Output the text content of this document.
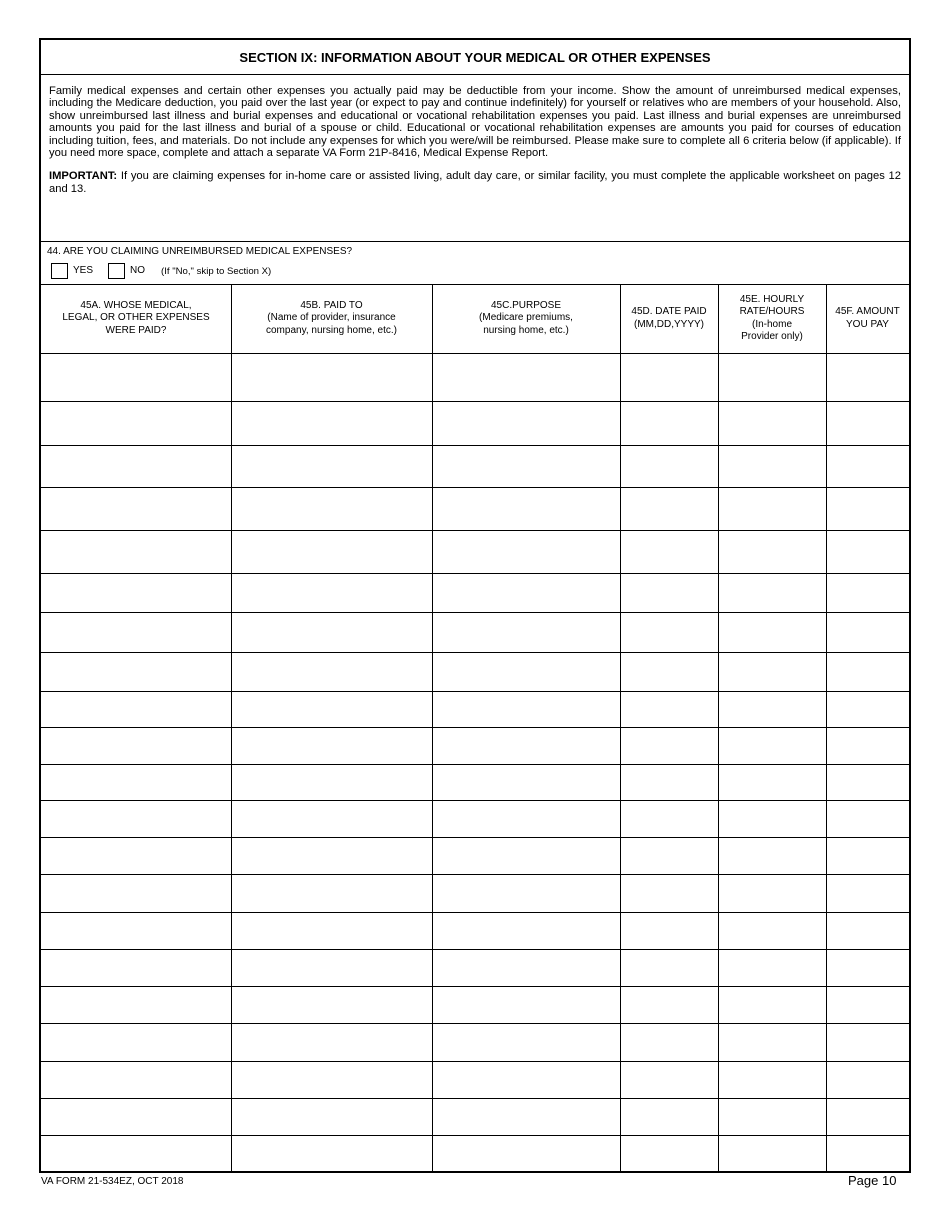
SECTION IX: INFORMATION ABOUT YOUR MEDICAL OR OTHER EXPENSES

Family medical expenses and certain other expenses you actually paid may be deductible from your income. Show the amount of unreimbursed medical expenses, including the Medicare deduction, you paid over the last year (or expect to pay and continue indefinitely) for yourself or relatives who are members of your household. Also, show unreimbursed last illness and burial expenses and educational or vocational rehabilitation expenses you paid. Last illness and burial expenses are unreimbursed amounts you paid for the last illness and burial of a spouse or child. Educational or vocational rehabilitation expenses are amounts you paid for courses of education including tuition, fees, and materials. Do not include any expenses for which you were/will be reimbursed. Please make sure to complete all 6 criteria below (if applicable). If you need more space, complete and attach a separate VA Form 21P-8416, Medical Expense Report.

IMPORTANT: If you are claiming expenses for in-home care or assisted living, adult day care, or similar facility, you must complete the applicable worksheet on pages 12 and 13.

44. ARE YOU CLAIMING UNREIMBURSED MEDICAL EXPENSES?
YES	NO (If "No," skip to Section X)
45A. WHOSE MEDICAL,
LEGAL, OR OTHER EXPENSES
WERE PAID?
45B. PAID TO
(Name of provider, insurance
company, nursing home, etc.)
45C.PURPOSE
(Medicare premiums,
nursing home, etc.)
45D. DATE PAID
(MM,DD,YYYY)
45E. HOURLY
RATE/HOURS
(In-home
Provider only)
45F. AMOUNT
YOU PAY
VA FORM 21-534EZ, OCT 2018	Page 10
